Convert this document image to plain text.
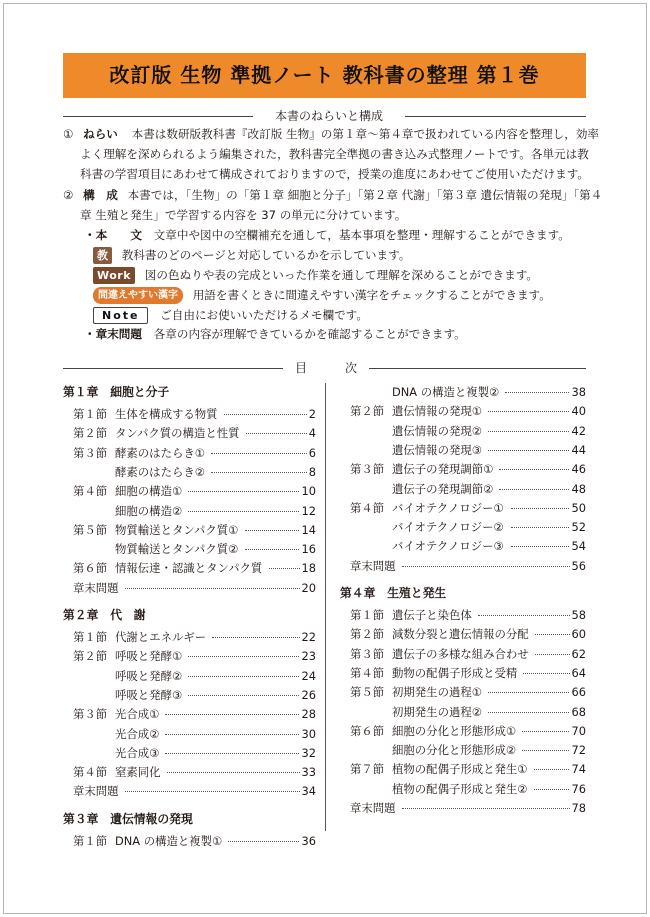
改訂版 生物 準拠ノート 教科書の整理 第１巻
本書のねらいと構成
① ねらい 本書は数研版教科書『改訂版 生物』の第１章～第４章で扱われている内容を整理し，効率
よく理解を深められるよう編集された，教科書完全準拠の書き込み式整理ノートです。各単元は教
科書の学習項目にあわせて構成されておりますので，授業の進度にあわせてご使用いただけます。
② 構　成 本書では，「生物」の「第１章 細胞と分子」「第２章 代謝」「第３章 遺伝情報の発現」「第４
章 生殖と発生」で学習する内容を 37 の単元に分けています。
・本　　文 文章中や図中の空欄補充を通して，基本事項を整理・理解することができます。
教 教科書のどのページと対応しているかを示しています。
Work 図の色ぬりや表の完成といった作業を通して理解を深めることができます。
間違えやすい漢字 用語を書くときに間違えやすい漢字をチェックすることができます。
Note ご自由にお使いいただけるメモ欄です。
・章末問題 各章の内容が理解できているかを確認することができます。
目	次
第１章　細胞と分子
第１節 生体を構成する物質	2
第２節 タンパク質の構造と性質	4
第３節 酵素のはたらき①	6
酵素のはたらき②	8
第４節 細胞の構造①	10
細胞の構造②	12
第５節 物質輸送とタンパク質①	14
物質輸送とタンパク質②	16
第６節 情報伝達・認識とタンパク質	18
章末問題	20
第２章　代　謝
第１節 代謝とエネルギー	22
第２節 呼吸と発酵①	23
呼吸と発酵②	24
呼吸と発酵③	26
第３節 光合成①	28
光合成②	30
光合成③	32
第４節 窒素同化	33
章末問題	34
第３章　遺伝情報の発現
第１節 DNA の構造と複製①	36
DNA の構造と複製②	38
第２節 遺伝情報の発現①	40
遺伝情報の発現②	42
遺伝情報の発現③	44
第３節 遺伝子の発現調節①	46
遺伝子の発現調節②	48
第４節 バイオテクノロジー①	50
バイオテクノロジー②	52
バイオテクノロジー③	54
章末問題	56
第４章　生殖と発生
第１節 遺伝子と染色体	58
第２節 減数分裂と遺伝情報の分配	60
第３節 遺伝子の多様な組み合わせ	62
第４節 動物の配偶子形成と受精	64
第５節 初期発生の過程①	66
初期発生の過程②	68
第６節 細胞の分化と形態形成①	70
細胞の分化と形態形成②	72
第７節 植物の配偶子形成と発生①	74
植物の配偶子形成と発生②	76
章末問題	78
